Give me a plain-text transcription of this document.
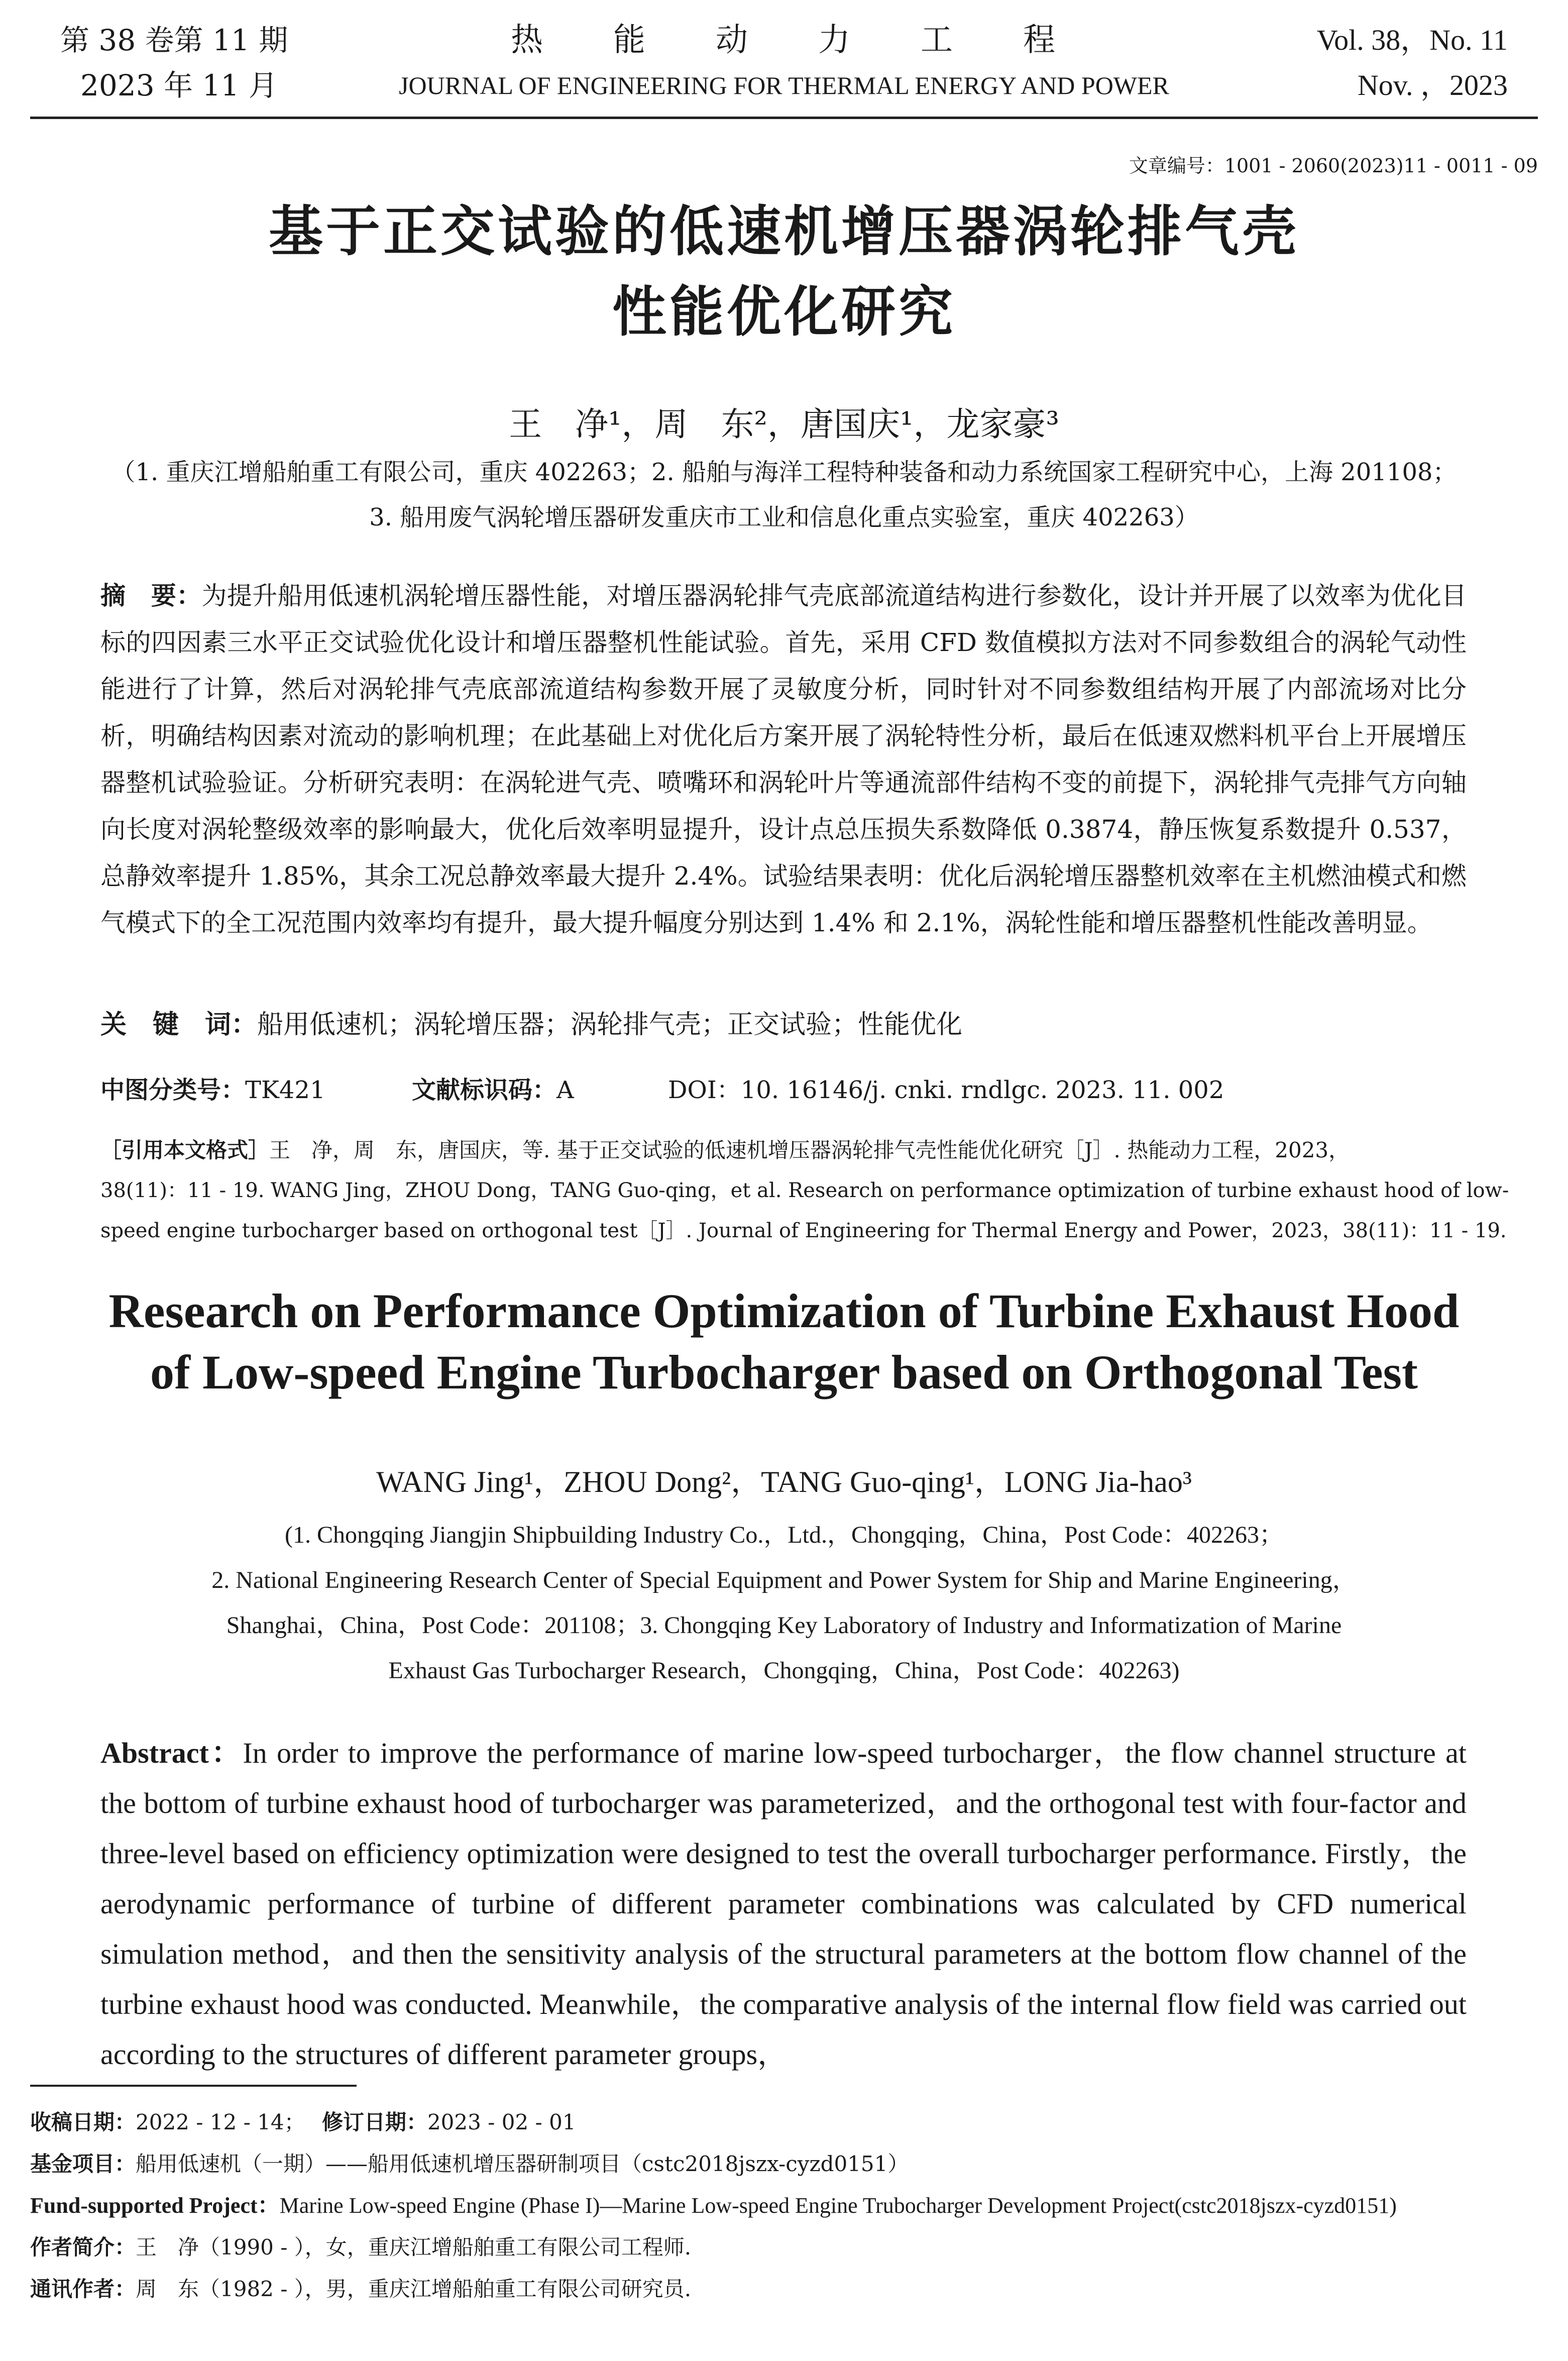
第 38 卷第 11 期
2023 年 11 月
热　　能　　动　　力　　工　　程
JOURNAL OF ENGINEERING FOR THERMAL ENERGY AND POWER
Vol. 38，No. 11
Nov. ，2023
文章编号：1001 - 2060(2023)11 - 0011 - 09
基于正交试验的低速机增压器涡轮排气壳
性能优化研究
王　净¹，周　东²，唐国庆¹，龙家豪³
（1. 重庆江增船舶重工有限公司，重庆 402263；2. 船舶与海洋工程特种装备和动力系统国家工程研究中心，上海 201108；
3. 船用废气涡轮增压器研发重庆市工业和信息化重点实验室，重庆 402263）
摘　要：为提升船用低速机涡轮增压器性能，对增压器涡轮排气壳底部流道结构进行参数化，设计并开展了以效率为优化目标的四因素三水平正交试验优化设计和增压器整机性能试验。首先，采用 CFD 数值模拟方法对不同参数组合的涡轮气动性能进行了计算，然后对涡轮排气壳底部流道结构参数开展了灵敏度分析，同时针对不同参数组结构开展了内部流场对比分析，明确结构因素对流动的影响机理；在此基础上对优化后方案开展了涡轮特性分析，最后在低速双燃料机平台上开展增压器整机试验验证。分析研究表明：在涡轮进气壳、喷嘴环和涡轮叶片等通流部件结构不变的前提下，涡轮排气壳排气方向轴向长度对涡轮整级效率的影响最大，优化后效率明显提升，设计点总压损失系数降低 0.3874，静压恢复系数提升 0.537，总静效率提升 1.85%，其余工况总静效率最大提升 2.4%。试验结果表明：优化后涡轮增压器整机效率在主机燃油模式和燃气模式下的全工况范围内效率均有提升，最大提升幅度分别达到 1.4% 和 2.1%，涡轮性能和增压器整机性能改善明显。
关　键　词：船用低速机；涡轮增压器；涡轮排气壳；正交试验；性能优化
中图分类号：TK421	文献标识码：A	DOI：10. 16146/j. cnki. rndlgc. 2023. 11. 002
［引用本文格式］王　净，周　东，唐国庆，等. 基于正交试验的低速机增压器涡轮排气壳性能优化研究［J］. 热能动力工程，2023，
38(11)：11 - 19. WANG Jing，ZHOU Dong，TANG Guo-qing，et al. Research on performance optimization of turbine exhaust hood of low-
speed engine turbocharger based on orthogonal test［J］. Journal of Engineering for Thermal Energy and Power，2023，38(11)：11 - 19.
Research on Performance Optimization of Turbine Exhaust Hood
of Low-speed Engine Turbocharger based on Orthogonal Test
WANG Jing¹，ZHOU Dong²，TANG Guo-qing¹，LONG Jia-hao³
(1. Chongqing Jiangjin Shipbuilding Industry Co.，Ltd.，Chongqing，China，Post Code：402263；
2. National Engineering Research Center of Special Equipment and Power System for Ship and Marine Engineering，
Shanghai，China，Post Code：201108；3. Chongqing Key Laboratory of Industry and Informatization of Marine
Exhaust Gas Turbocharger Research，Chongqing，China，Post Code：402263)
Abstract：In order to improve the performance of marine low-speed turbocharger，the flow channel structure at the bottom of turbine exhaust hood of turbocharger was parameterized，and the orthogonal test with four-factor and three-level based on efficiency optimization were designed to test the overall turbocharger performance. Firstly，the aerodynamic performance of turbine of different parameter combinations was calculated by CFD numerical simulation method，and then the sensitivity analysis of the structural parameters at the bottom flow channel of the turbine exhaust hood was conducted. Meanwhile，the comparative analysis of the internal flow field was carried out according to the structures of different parameter groups，
收稿日期：2022 - 12 - 14； 修订日期：2023 - 02 - 01
基金项目：船用低速机（一期）——船用低速机增压器研制项目（cstc2018jszx-cyzd0151）
Fund-supported Project：Marine Low-speed Engine (Phase I)—Marine Low-speed Engine Trubocharger Development Project(cstc2018jszx-cyzd0151)
作者简介：王　净（1990 - ），女，重庆江增船舶重工有限公司工程师.
通讯作者：周　东（1982 - ），男，重庆江增船舶重工有限公司研究员.
